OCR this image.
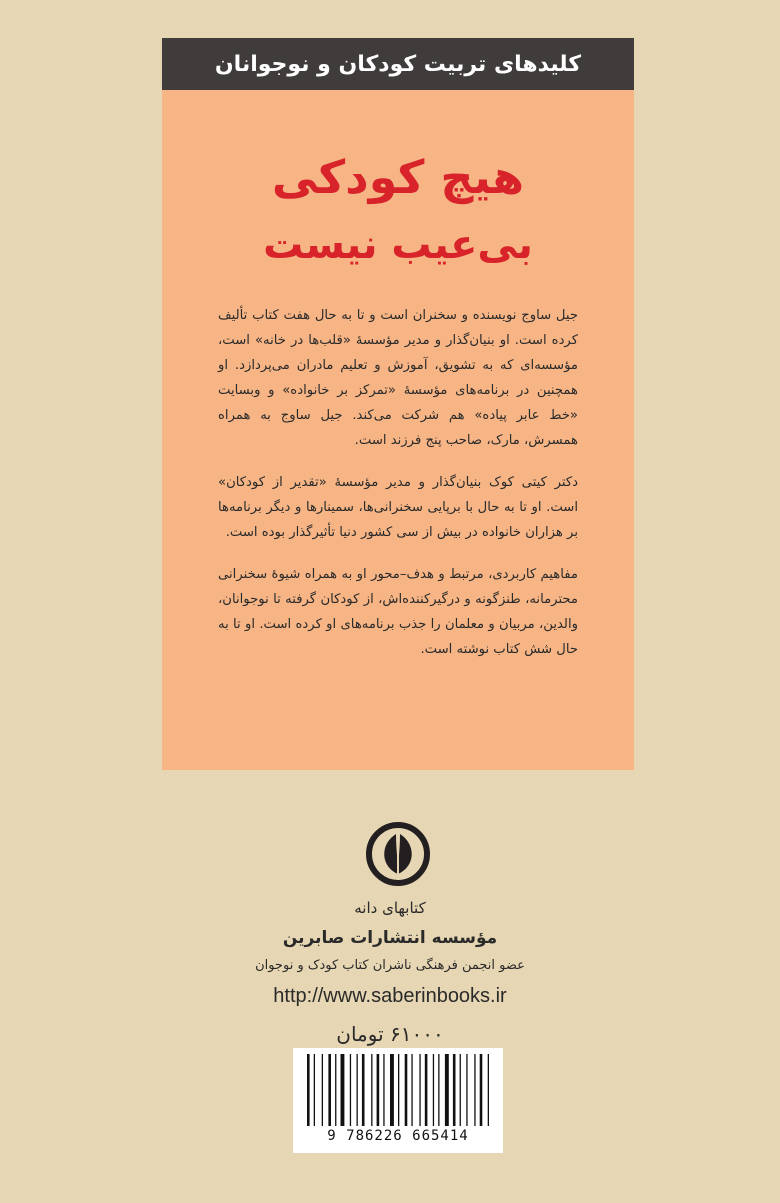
کلیدهای تربیت کودکان و نوجوانان
هیچ کودکی
بی‌عیب نیست

جیل ساوج نویسنده و سخنران است و تا به حال هفت کتاب تألیف کرده است. او بنیان‌گذار و مدیر مؤسسهٔ «قلب‌ها در خانه» است، مؤسسه‌ای که به تشویق، آموزش و تعلیم مادران می‌پردازد. او همچنین در برنامه‌های مؤسسهٔ «تمرکز بر خانواده» و وبسایت «خط عابر پیاده» هم شرکت می‌کند. جیل ساوج به همراه همسرش، مارک، صاحب پنج فرزند است.

دکتر کیتی کوک بنیان‌گذار و مدیر مؤسسهٔ «تقدیر از کودکان» است. او تا به حال با برپایی سخنرانی‌ها، سمینارها و دیگر برنامه‌ها بر هزاران خانواده در بیش از سی کشور دنیا تأثیرگذار بوده است.

مفاهیم کاربردی، مرتبط و هدف–محور او به همراه شیوهٔ سخنرانی محترمانه، طنزگونه و درگیرکننده‌اش، از کودکان گرفته تا نوجوانان، والدین، مربیان و معلمان را جذب برنامه‌های او کرده است. او تا به حال شش کتاب نوشته است.

کتابهای دانه
مؤسسه انتشارات صابرین
عضو انجمن فرهنگی ناشران کتاب کودک و نوجوان
http://www.saberinbooks.ir
۶۱۰۰۰ تومان
9 786226 665414
